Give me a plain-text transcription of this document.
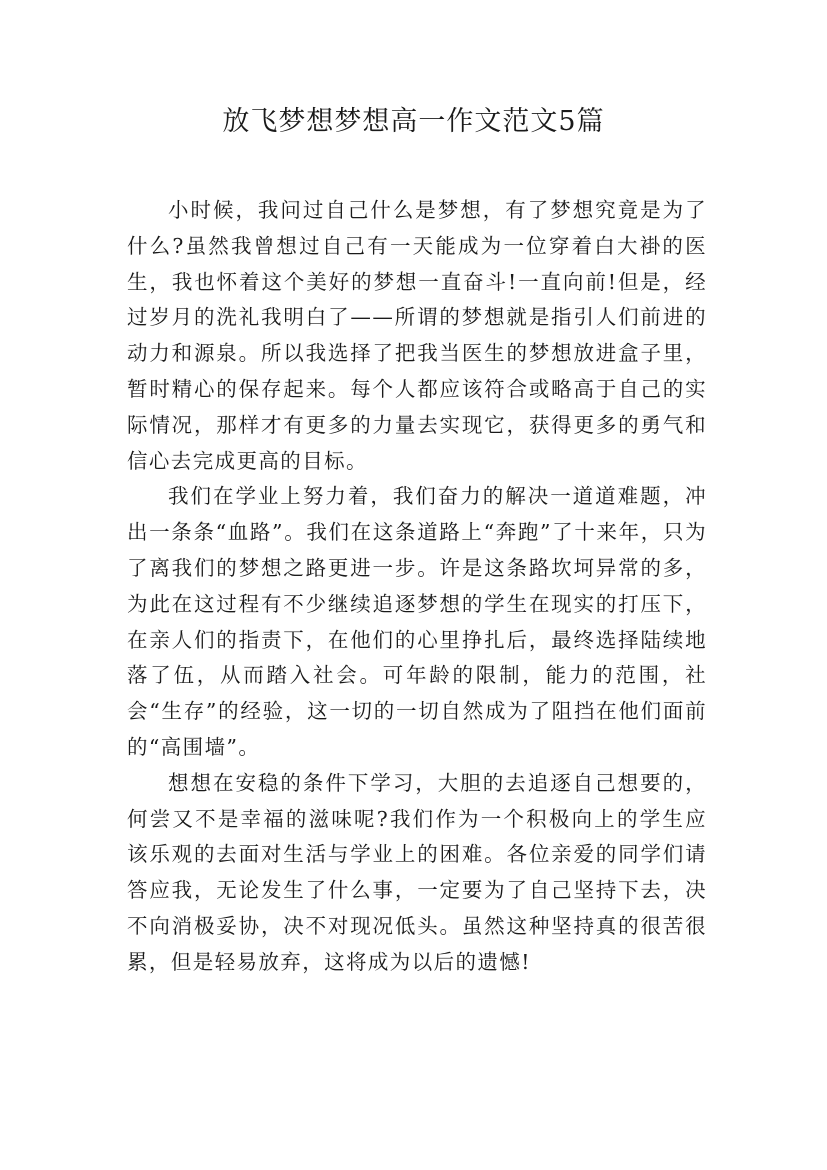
放飞梦想梦想高一作文范文5篇

小时候，我问过自己什么是梦想，有了梦想究竟是为了什么?虽然我曾想过自己有一天能成为一位穿着白大褂的医生，我也怀着这个美好的梦想一直奋斗!一直向前!但是，经过岁月的洗礼我明白了——所谓的梦想就是指引人们前进的动力和源泉。所以我选择了把我当医生的梦想放进盒子里，暂时精心的保存起来。每个人都应该符合或略高于自己的实际情况，那样才有更多的力量去实现它，获得更多的勇气和信心去完成更高的目标。

我们在学业上努力着，我们奋力的解决一道道难题，冲出一条条“血路”。我们在这条道路上“奔跑”了十来年，只为了离我们的梦想之路更进一步。许是这条路坎坷异常的多，为此在这过程有不少继续追逐梦想的学生在现实的打压下，在亲人们的指责下，在他们的心里挣扎后，最终选择陆续地落了伍，从而踏入社会。可年龄的限制，能力的范围，社会“生存”的经验，这一切的一切自然成为了阻挡在他们面前的“高围墙”。

想想在安稳的条件下学习，大胆的去追逐自己想要的，何尝又不是幸福的滋味呢?我们作为一个积极向上的学生应该乐观的去面对生活与学业上的困难。各位亲爱的同学们请答应我，无论发生了什么事，一定要为了自己坚持下去，决不向消极妥协，决不对现况低头。虽然这种坚持真的很苦很累，但是轻易放弃，这将成为以后的遗憾!
